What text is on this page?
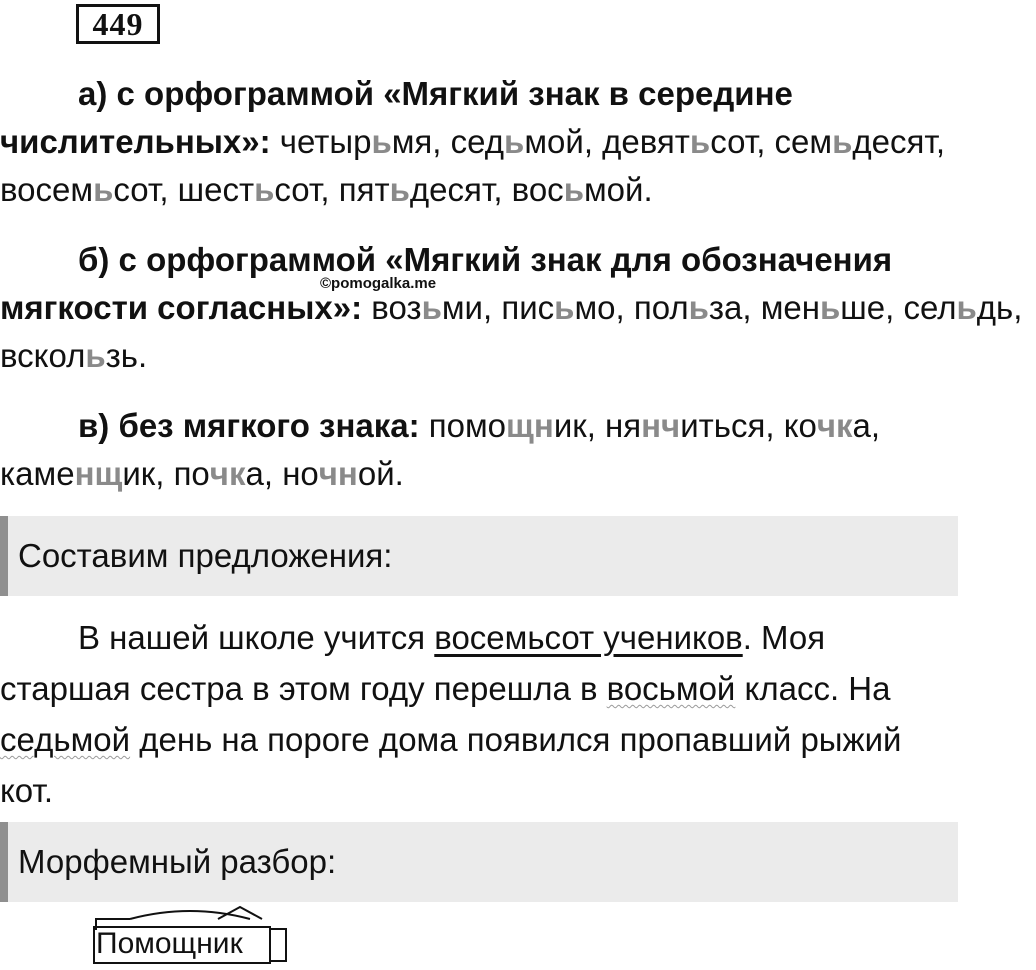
449
а) с орфограммой «Мягкий знак в середине числительных»: четырьмя, седьмой, девятьсот, семьдесят, восемьсот, шестьсот, пятьдесят, восьмой.
©pomogalka.me
б) с орфограммой «Мягкий знак для обозначения мягкости согласных»: возьми, письмо, польза, меньше, сельдь, вскользь.
в) без мягкого знака: помощник, нянчиться, кочка, каменщик, почка, ночной.
Составим предложения:
В нашей школе учится восемьсот учеников. Моя старшая сестра в этом году перешла в восьмой класс. На седьмой день на пороге дома появился пропавший рыжий кот.
Морфемный разбор:
Помощник
